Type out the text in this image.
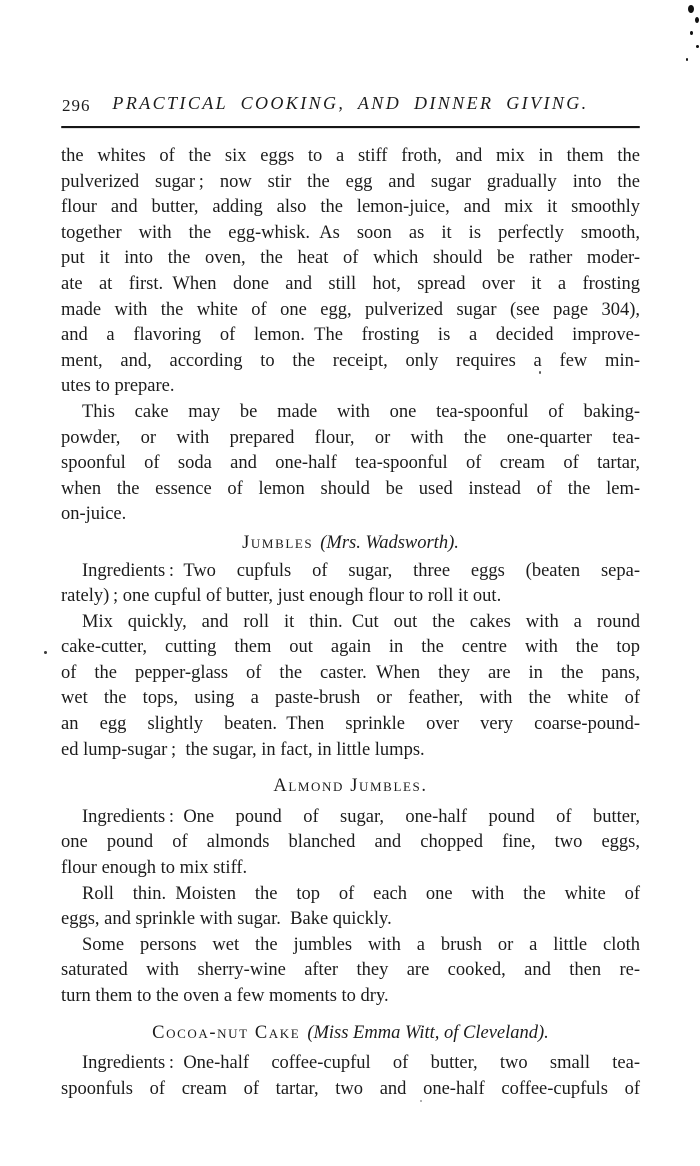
296	PRACTICAL COOKING, AND DINNER GIVING.
the whites of the six eggs to a stiff froth, and mix in them the
pulverized sugar ; now stir the egg and sugar gradually into the
flour and butter, adding also the lemon-juice, and mix it smoothly
together with the egg-whisk. As soon as it is perfectly smooth,
put it into the oven, the heat of which should be rather moder-
ate at first. When done and still hot, spread over it a frosting
made with the white of one egg, pulverized sugar (see page 304),
and a flavoring of lemon. The frosting is a decided improve-
ment, and, according to the receipt, only requires a few min-
utes to prepare.
This cake may be made with one tea-spoonful of baking-
powder, or with prepared flour, or with the one-quarter tea-
spoonful of soda and one-half tea-spoonful of cream of tartar,
when the essence of lemon should be used instead of the lem-
on-juice.
Jumbles (Mrs. Wadsworth).
Ingredients : Two cupfuls of sugar, three eggs (beaten sepa-
rately) ; one cupful of butter, just enough flour to roll it out.
Mix quickly, and roll it thin. Cut out the cakes with a round
cake-cutter, cutting them out again in the centre with the top
of the pepper-glass of the caster. When they are in the pans,
wet the tops, using a paste-brush or feather, with the white of
an egg slightly beaten. Then sprinkle over very coarse-pound-
ed lump-sugar ; the sugar, in fact, in little lumps.
Almond Jumbles.
Ingredients : One pound of sugar, one-half pound of butter,
one pound of almonds blanched and chopped fine, two eggs,
flour enough to mix stiff.
Roll thin. Moisten the top of each one with the white of
eggs, and sprinkle with sugar. Bake quickly.
Some persons wet the jumbles with a brush or a little cloth
saturated with sherry-wine after they are cooked, and then re-
turn them to the oven a few moments to dry.
Cocoa-nut Cake (Miss Emma Witt, of Cleveland).
Ingredients : One-half coffee-cupful of butter, two small tea-
spoonfuls of cream of tartar, two and one-half coffee-cupfuls of
